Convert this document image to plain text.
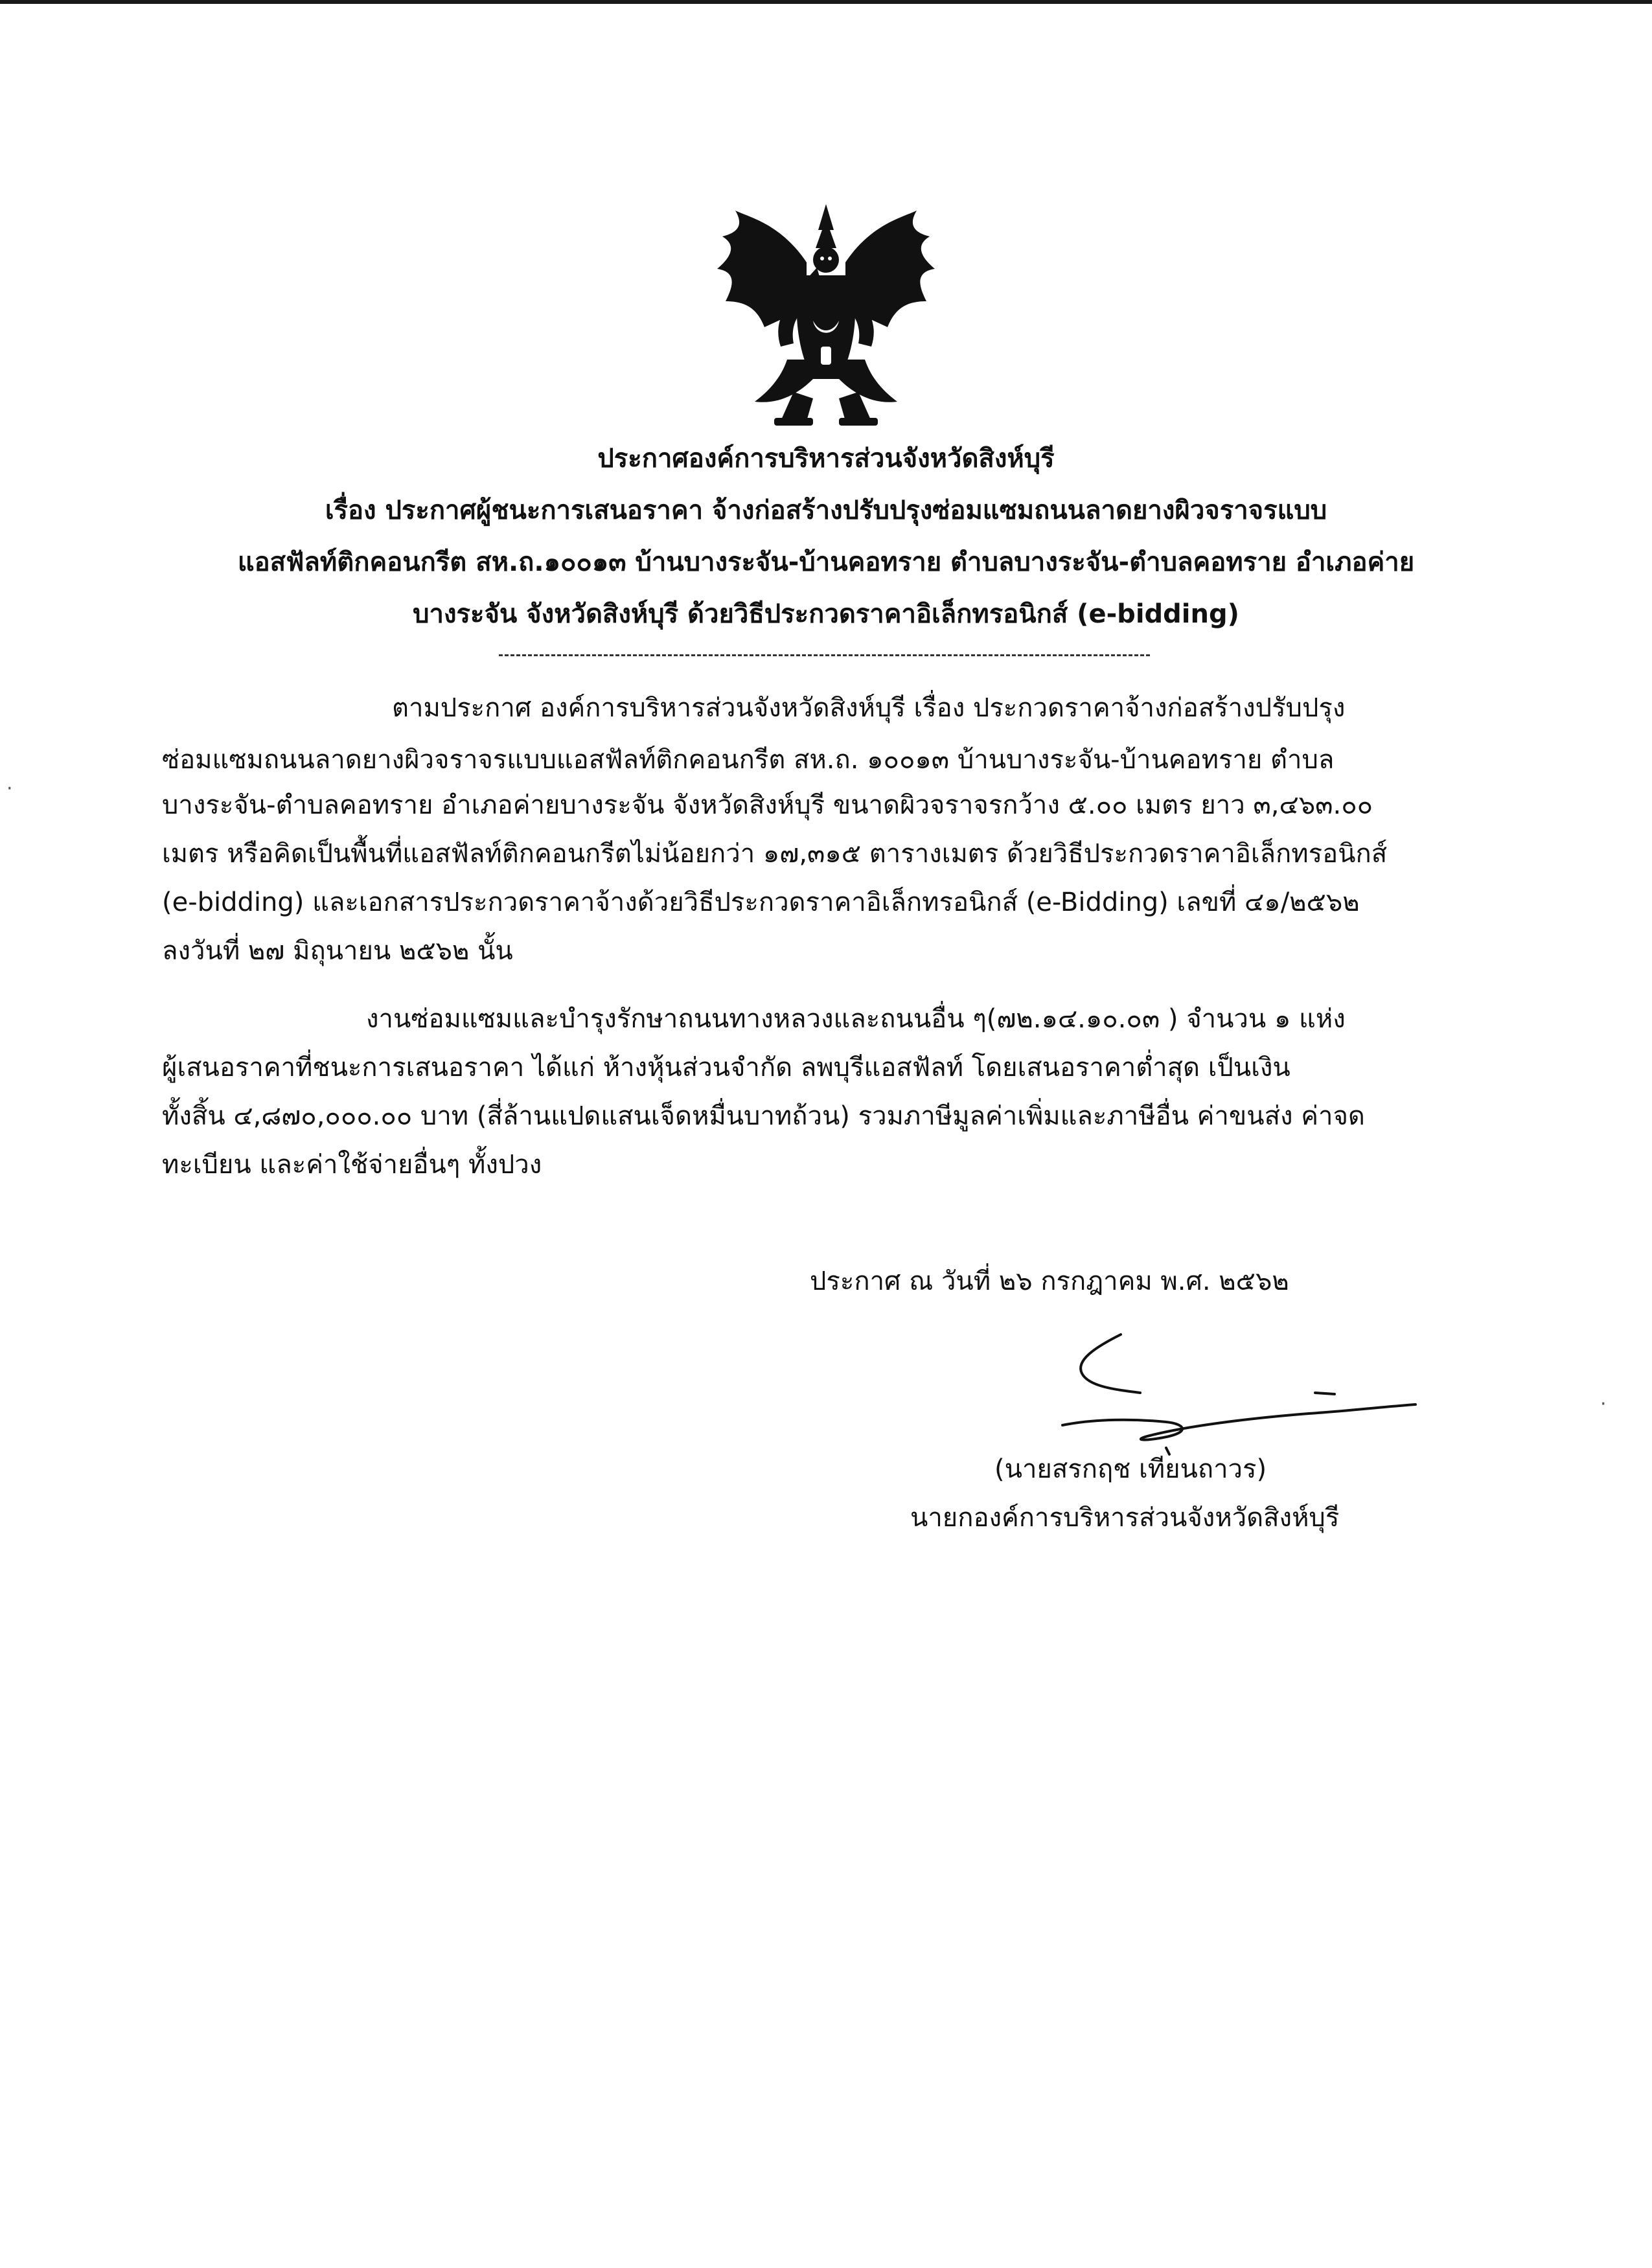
ประกาศองค์การบริหารส่วนจังหวัดสิงห์บุรี
เรื่อง ประกาศผู้ชนะการเสนอราคา จ้างก่อสร้างปรับปรุงซ่อมแซมถนนลาดยางผิวจราจรแบบ
แอสฟัลท์ติกคอนกรีต สห.ถ.๑๐๐๑๓ บ้านบางระจัน-บ้านคอทราย ตำบลบางระจัน-ตำบลคอทราย อำเภอค่าย
บางระจัน จังหวัดสิงห์บุรี ด้วยวิธีประกวดราคาอิเล็กทรอนิกส์ (e-bidding)
ตามประกาศ องค์การบริหารส่วนจังหวัดสิงห์บุรี เรื่อง ประกวดราคาจ้างก่อสร้างปรับปรุง
ซ่อมแซมถนนลาดยางผิวจราจรแบบแอสฟัลท์ติกคอนกรีต สห.ถ. ๑๐๐๑๓ บ้านบางระจัน-บ้านคอทราย ตำบล
บางระจัน-ตำบลคอทราย อำเภอค่ายบางระจัน จังหวัดสิงห์บุรี ขนาดผิวจราจรกว้าง ๕.๐๐ เมตร ยาว ๓,๔๖๓.๐๐
เมตร หรือคิดเป็นพื้นที่แอสฟัลท์ติกคอนกรีตไม่น้อยกว่า ๑๗,๓๑๕ ตารางเมตร ด้วยวิธีประกวดราคาอิเล็กทรอนิกส์
(e-bidding) และเอกสารประกวดราคาจ้างด้วยวิธีประกวดราคาอิเล็กทรอนิกส์ (e-Bidding) เลขที่ ๔๑/๒๕๖๒
ลงวันที่ ๒๗ มิถุนายน ๒๕๖๒ นั้น
งานซ่อมแซมและบำรุงรักษาถนนทางหลวงและถนนอื่น ๆ(๗๒.๑๔.๑๐.๐๓ ) จำนวน ๑ แห่ง
ผู้เสนอราคาที่ชนะการเสนอราคา ได้แก่ ห้างหุ้นส่วนจำกัด ลพบุรีแอสฟัลท์ โดยเสนอราคาต่ำสุด เป็นเงิน
ทั้งสิ้น ๔,๘๗๐,๐๐๐.๐๐ บาท (สี่ล้านแปดแสนเจ็ดหมื่นบาทถ้วน) รวมภาษีมูลค่าเพิ่มและภาษีอื่น ค่าขนส่ง ค่าจด
ทะเบียน และค่าใช้จ่ายอื่นๆ ทั้งปวง
ประกาศ ณ วันที่ ๒๖ กรกฎาคม พ.ศ. ๒๕๖๒
(นายสรกฤช เทียนถาวร)
นายกองค์การบริหารส่วนจังหวัดสิงห์บุรี
·
·
